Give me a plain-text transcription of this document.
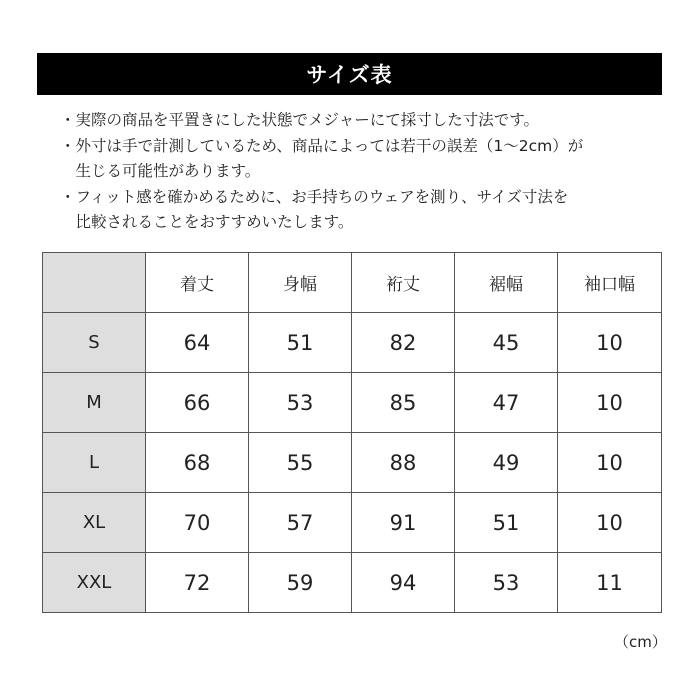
サイズ表
・実際の商品を平置きにした状態でメジャーにて採寸した寸法です。
・外寸は手で計測しているため、商品によっては若干の誤差（1～2cm）が
　生じる可能性があります。
・フィット感を確かめるために、お手持ちのウェアを測り、サイズ寸法を
　比較されることをおすすめいたします。
	着丈	身幅	裄丈	裾幅	袖口幅
S	64	51	82	45	10
M	66	53	85	47	10
L	68	55	88	49	10
XL	70	57	91	51	10
XXL	72	59	94	53	11
（cm）
